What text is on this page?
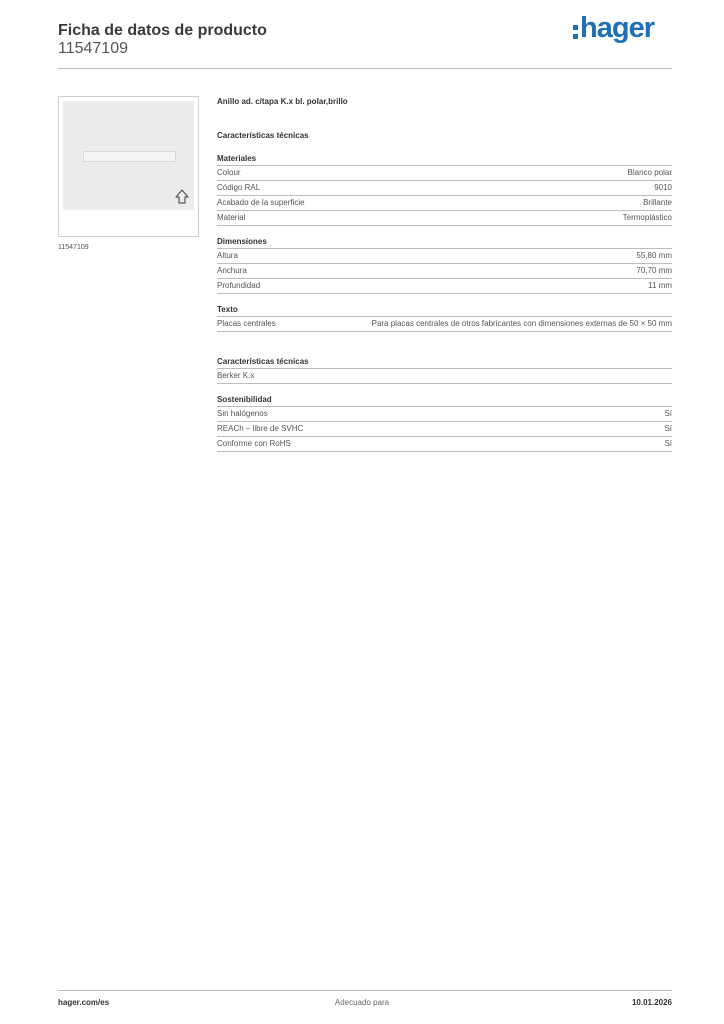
Ficha de datos de producto
11547109
hager
11547109
Anillo ad. c/tapa K.x bl. polar,brillo
Características técnicas
Materiales
Colour	Blanco polar
Código RAL	9010
Acabado de la superficie	Brillante
Material	Termoplástico
Dimensiones
Altura	55,80 mm
Anchura	70,70 mm
Profundidad	11 mm
Texto
Placas centrales	Para placas centrales de otros fabricantes con dimensiones externas de 50 × 50 mm
Características técnicas
Berker K.x
Sostenibilidad
Sin halógenos	Sí
REACh – libre de SVHC	Sí
Conforme con RoHS	Sí
hager.com/es	Adecuado para	10.01.2026
